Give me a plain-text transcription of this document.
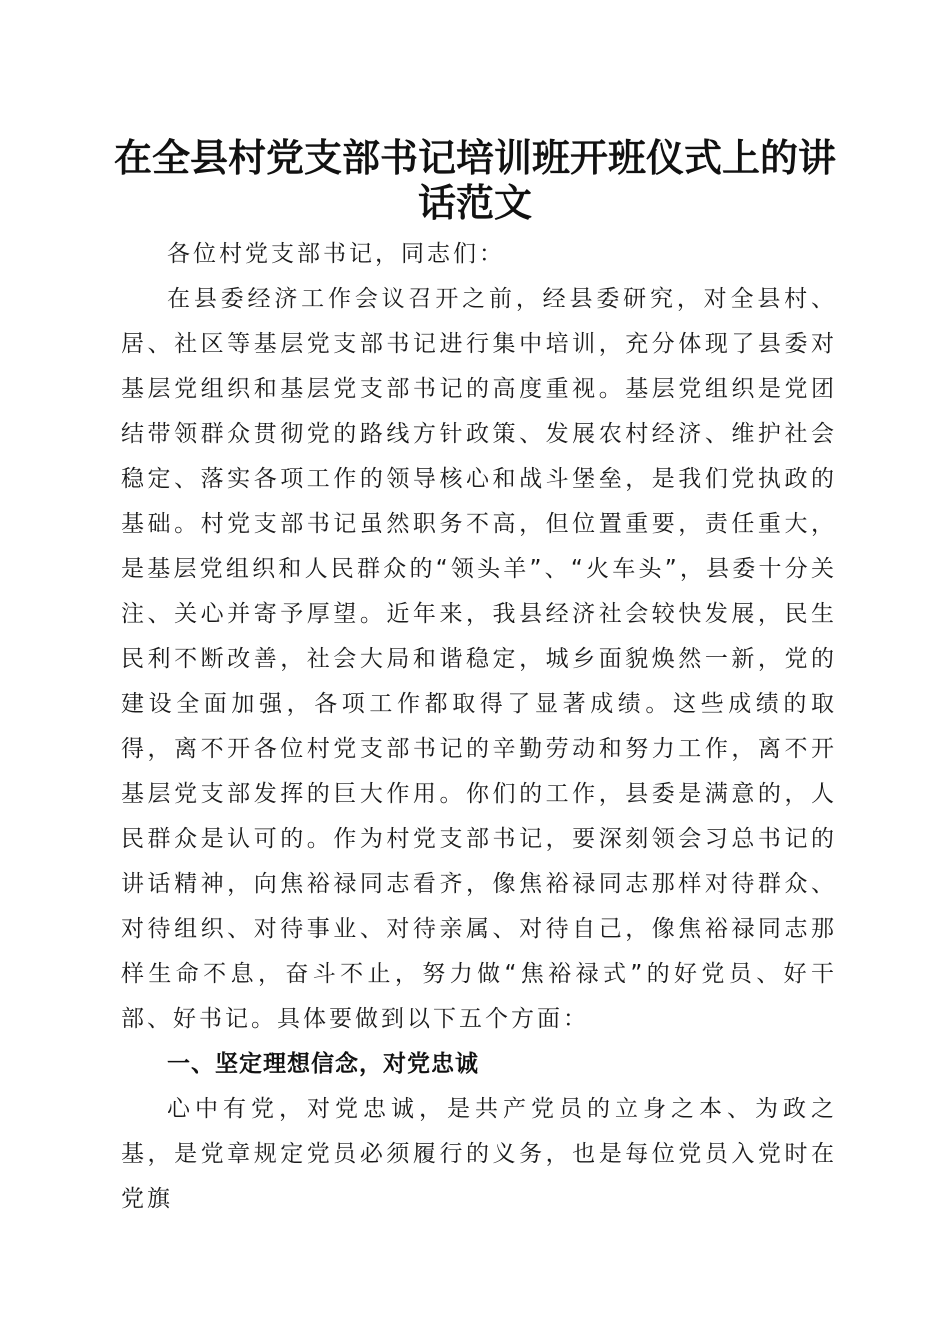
在全县村党支部书记培训班开班仪式上的讲话范文

各位村党支部书记，同志们：

在县委经济工作会议召开之前，经县委研究，对全县村、居、社区等基层党支部书记进行集中培训，充分体现了县委对基层党组织和基层党支部书记的高度重视。基层党组织是党团结带领群众贯彻党的路线方针政策、发展农村经济、维护社会稳定、落实各项工作的领导核心和战斗堡垒，是我们党执政的基础。村党支部书记虽然职务不高，但位置重要，责任重大，是基层党组织和人民群众的“领头羊”、“火车头”，县委十分关注、关心并寄予厚望。近年来，我县经济社会较快发展，民生民利不断改善，社会大局和谐稳定，城乡面貌焕然一新，党的建设全面加强，各项工作都取得了显著成绩。这些成绩的取得，离不开各位村党支部书记的辛勤劳动和努力工作，离不开基层党支部发挥的巨大作用。你们的工作，县委是满意的，人民群众是认可的。作为村党支部书记，要深刻领会习总书记的讲话精神，向焦裕禄同志看齐，像焦裕禄同志那样对待群众、对待组织、对待事业、对待亲属、对待自己，像焦裕禄同志那样生命不息，奋斗不止，努力做“焦裕禄式”的好党员、好干部、好书记。具体要做到以下五个方面：

一、坚定理想信念，对党忠诚

心中有党，对党忠诚，是共产党员的立身之本、为政之基，是党章规定党员必须履行的义务，也是每位党员入党时在党旗
